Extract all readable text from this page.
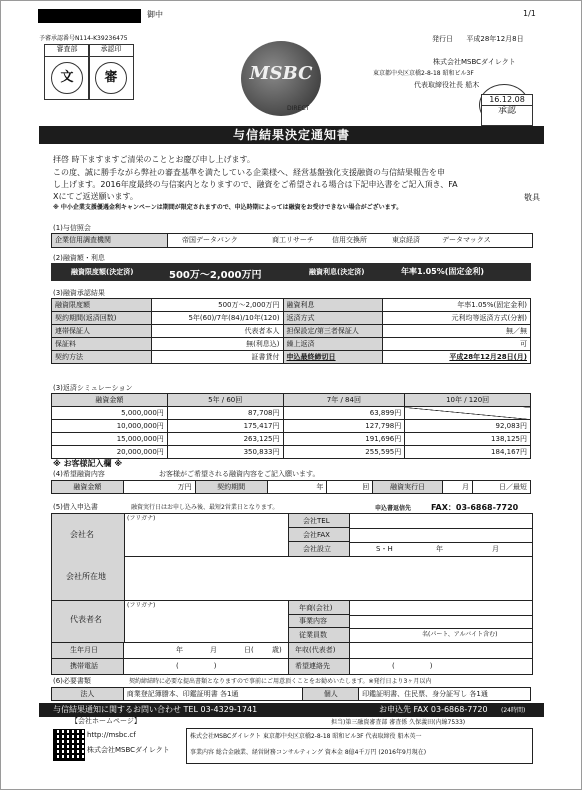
御中	1/1
予審承認番号N114-K39236475
審査部	承認印
文	審	MSBC
DIRECT
発行日 平成28年12月8日
株式会社MSBCダイレクト
東京都中央区京橋2-8-18 昭和ビル3F
代表取締役社長 船木
16.12.08
承認
与信結果決定通知書
拝啓 時下ますますご清栄のこととお慶び申し上げます。
この度、誠に勝手ながら弊社の審査基準を満たしている企業様へ、経営基盤強化支援融資の与信結果報告を申
し上げます。2016年度最終の与信案内となりますので、融資をご希望される場合は下記申込書をご記入頂き、FA
Xにてご返送願います。	敬具
※ 中小企業支援優遇金利キャンペーンは期間が限定されますので、申込時期によっては融資をお受けできない場合がございます。
(1)与信照会
企業信用調査機関	帝国データバンク	商工リサーチ	信用交換所	東京経済	データマックス
(2)融資額・利息
融資限度額(決定済)	500万～2,000万円	融資利息(決定済)	年率1.05%(固定金利)
(3)融資承認結果
融資限度額	500万～2,000万円	融資利息	年率1.05%(固定金利)
契約期間(返済回数)	5年(60)/7年(84)/10年(120)	返済方式	元利均等返済方式(分割)
連帯保証人	代表者本人	担保設定/第三者保証人	無／無
保証料	無(利息込)	繰上返済	可
契約方法	証書貸付	申込最終締切日	平成28年12月28日(月)
(3)返済シミュレーション
融資金額	5年 / 60回	7年 / 84回	10年 / 120回
5,000,000円	87,708円	63,899円	
10,000,000円	175,417円	127,798円	92,083円
15,000,000円	263,125円	191,696円	138,125円
20,000,000円	350,833円	255,595円	184,167円
※ お客様記入欄 ※
(4)希望融資内容	お客様がご希望される融資内容をご記入願います。
融資金額	万円	契約期間	年	回	融資実行日	月	日／最短
(5)借入申込書	融資実行日はお申し込み後、最短2営業日となります。	申込書返信先 FAX：03-6868-7720
(フリガナ)
会社名
会社TEL
会社FAX
会社設立	S・H	年	月
会社所在地
代表者名
(フリガナ)	年商(会社)
事業内容
従業員数	名(パート、アルバイト含む)
生年月日	年	月	日(	歳)	年収(代表者)
携帯電話	(　　　　　)	希望連絡先	(　　　　　)
(6)必要書類	契約締結時に必要な提出書類となりますので事前にご用意頂くことをお勧めいたします。※発行日より3ヶ月以内
法人	商業登記簿謄本、印鑑証明書 各1通	個人	印鑑証明書、住民票、身分証写し 各1通
与信結果通知に関するお問い合わせ TEL 03-4329-1741	お申込先 FAX 03-6868-7720 (24時間)
担当)第三融資審査部 審査係 久保義田(内線7533)
【会社ホームページ】
http://msbc.cf
株式会社MSBCダイレクト
株式会社MSBCダイレクト 東京都中央区京橋2-8-18 昭和ビル3F 代表取締役 船木英一
事業内容 総合金融業、経営財務コンサルティング 資本金 8億4千万円 (2016年9月現在)
